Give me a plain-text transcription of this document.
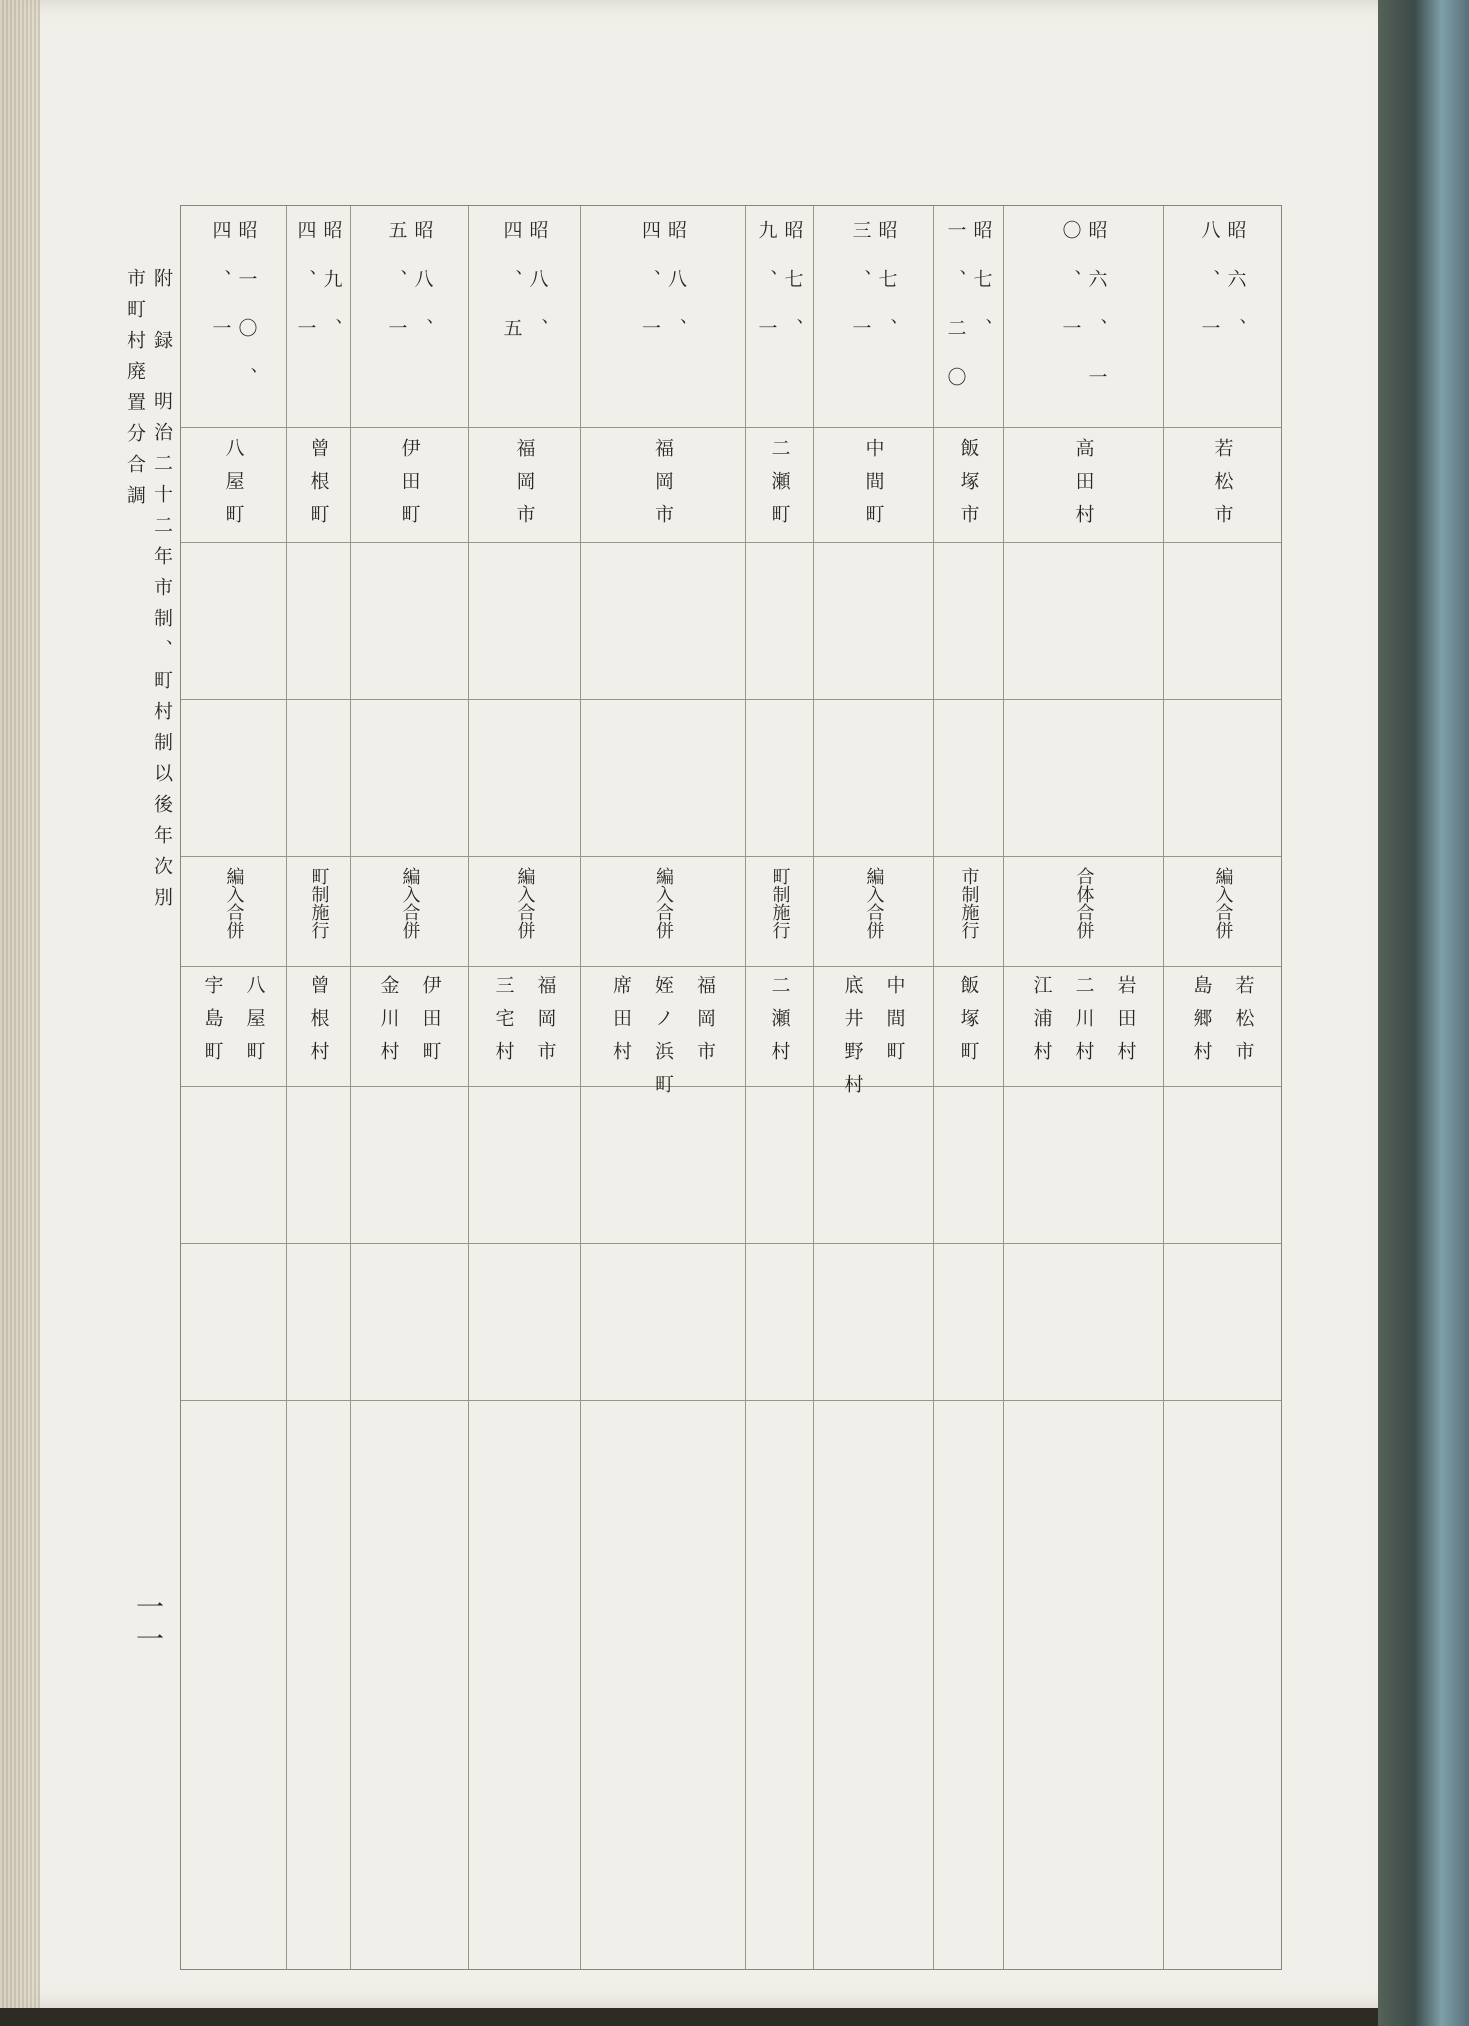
附　録明治二十二年市制、町村制以後年次別市町村廃置分合調
一一
昭六、八、一
若松市
編入合併
若松市
島郷村
昭六、一〇、一
高田村
合体合併
岩田村
二川村
江浦村
昭七、一、二〇
飯塚市
市制施行
飯塚町
昭七、三、一
中間町
編入合併
中間町
底井野村
昭七、九、一
二瀬町
町制施行
二瀬村
昭八、四、一
福岡市
編入合併
福岡市
姪ノ浜町
席田村
昭八、四、五
福岡市
編入合併
福岡市
三宅村
昭八、五、一
伊田町
編入合併
伊田町
金川村
昭九、四、一
曾根町
町制施行
曾根村
昭一〇、四、一
八屋町
編入合併
八屋町
宇島町
